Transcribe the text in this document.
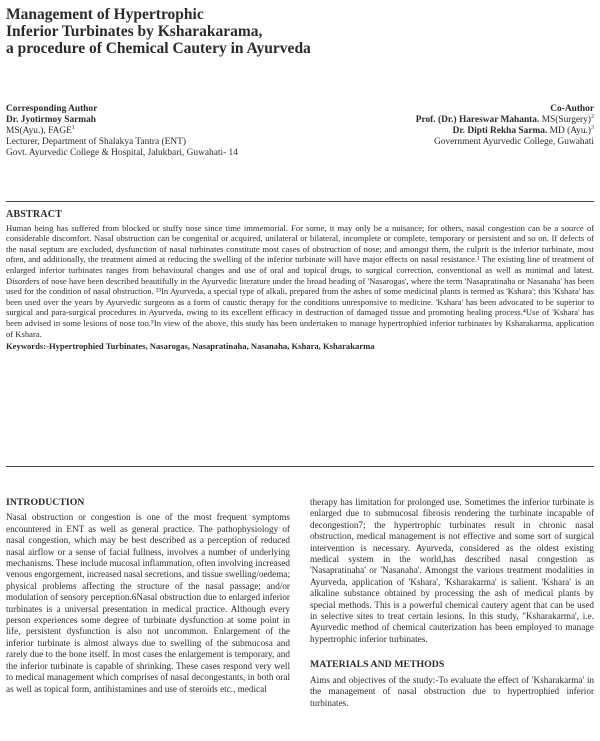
Management of Hypertrophic
Inferior Turbinates by Ksharakarama,
a procedure of Chemical Cautery in Ayurveda
Corresponding Author
Dr. Jyotirmoy Sarmah
MS(Ayu.), FAGE$^1$
Lecturer, Department of Shalakya Tantra (ENT)
Govt. Ayurvedic College & Hospital, Jalukbari, Guwahati- 14
Co-Author
Prof. (Dr.) Hareswar Mahanta. MS(Surgery)$^2$
Dr. Dipti Rekha Sarma. MD $(Ayu.)^3$
Government Ayurvedic College, Guwahati
ABSTRACT

Human being has suffered from blocked or stuffy nose since time immemorial. For some, it may only be a nuisance; for others, nasal congestion can be a source of considerable discomfort. Nasal obstruction can be congenital or acquired, unilateral or bilateral, incomplete or complete, temporary or persistent and so on. If defects of the nasal septum are excluded, dysfunction of nasal turbinates constitute most cases of obstruction of nose; and amongst them, the culprit is the inferior turbinate, most often, and additionally, the treatment aimed at reducing the swelling of the inferior turbinate will have major effects on nasal resistance.¹ The existing line of treatment of enlarged inferior turbinates ranges from behavioural changes and use of oral and topical drugs, to surgical correction, conventional as well as minimal and latest. Disorders of nose have been described beautifully in the Ayurvedic literature under the broad heading of 'Nasarogas', where the term 'Nasapratinaha or Nasanaha' has been used for the condition of nasal obstruction. ²³In Ayurveda, a special type of alkali, prepared from the ashes of some medicinal plants is termed as 'Kshara'; this 'Kshara' has been used over the years by Ayurvedic surgeons as a form of caustic therapy for the conditions unresponsive to medicine. 'Kshara' has been advocated to be superior to surgical and para-surgical procedures in Ayurveda, owing to its excellent efficacy in destruction of damaged tissue and promoting healing process.⁴Use of 'Kshara' has been advised in some lesions of nose too.⁵In view of the above, this study has been undertaken to manage hypertrophied inferior turbinates by Ksharakarma, application of Kshara.

Keywords:-Hypertrophied Turbinates, Nasarogas, Nasapratinaha, Nasanaha, Kshara, Ksharakarma
INTRODUCTION

Nasal obstruction or congestion is one of the most frequent symptoms encountered in ENT as well as general practice. The pathophysiology of nasal congestion, which may be best described as a perception of reduced nasal airflow or a sense of facial fullness, involves a number of underlying mechanisms. These include mucosal inflammation, often involving increased venous engorgement, increased nasal secretions, and tissue swelling/oedema; physical problems affecting the structure of the nasal passage; and/or modulation of sensory perception.6Nasal obstruction due to enlarged inferior turbinates is a universal presentation in medical practice. Although every person experiences some degree of turbinate dysfunction at some point in life, persistent dysfunction is also not uncommon. Enlargement of the inferior turbinate is almost always due to swelling of the submucosa and rarely due to the bone itself. In most cases the enlargement is temporary, and the inferior turbinate is capable of shrinking. These cases respond very well to medical management which comprises of nasal decongestants, in both oral as well as topical form, antihistamines and use of steroids etc., medical

therapy has limitation for prolonged use. Sometimes the inferior turbinate is enlarged due to submucosal fibrosis rendering the turbinate incapable of decongestion7; the hypertrophic turbinates result in chronic nasal obstruction, medical management is not effective and some sort of surgical intervention is necessary. Ayurveda, considered as the oldest existing medical system in the world,has described nasal congestion as 'Nasapratinaha' or 'Nasanaha'. Amongst the various treatment modalities in Ayurveda, application of 'Kshara', 'Ksharakarma' is salient. 'Kshara' is an alkaline substance obtained by processing the ash of medical plants by special methods. This is a powerful chemical cautery agent that can be used in selective sites to treat certain lesions. In this study, "Ksharakarma', i.e. Ayurvedic method of chemical cauterization has been employed to manage hypertrophic inferior turbinates.

MATERIALS AND METHODS

Aims and objectives of the study:-To evaluate the effect of 'Ksharakarma' in the management of nasal obstruction due to hypertrophied inferior turbinates.
